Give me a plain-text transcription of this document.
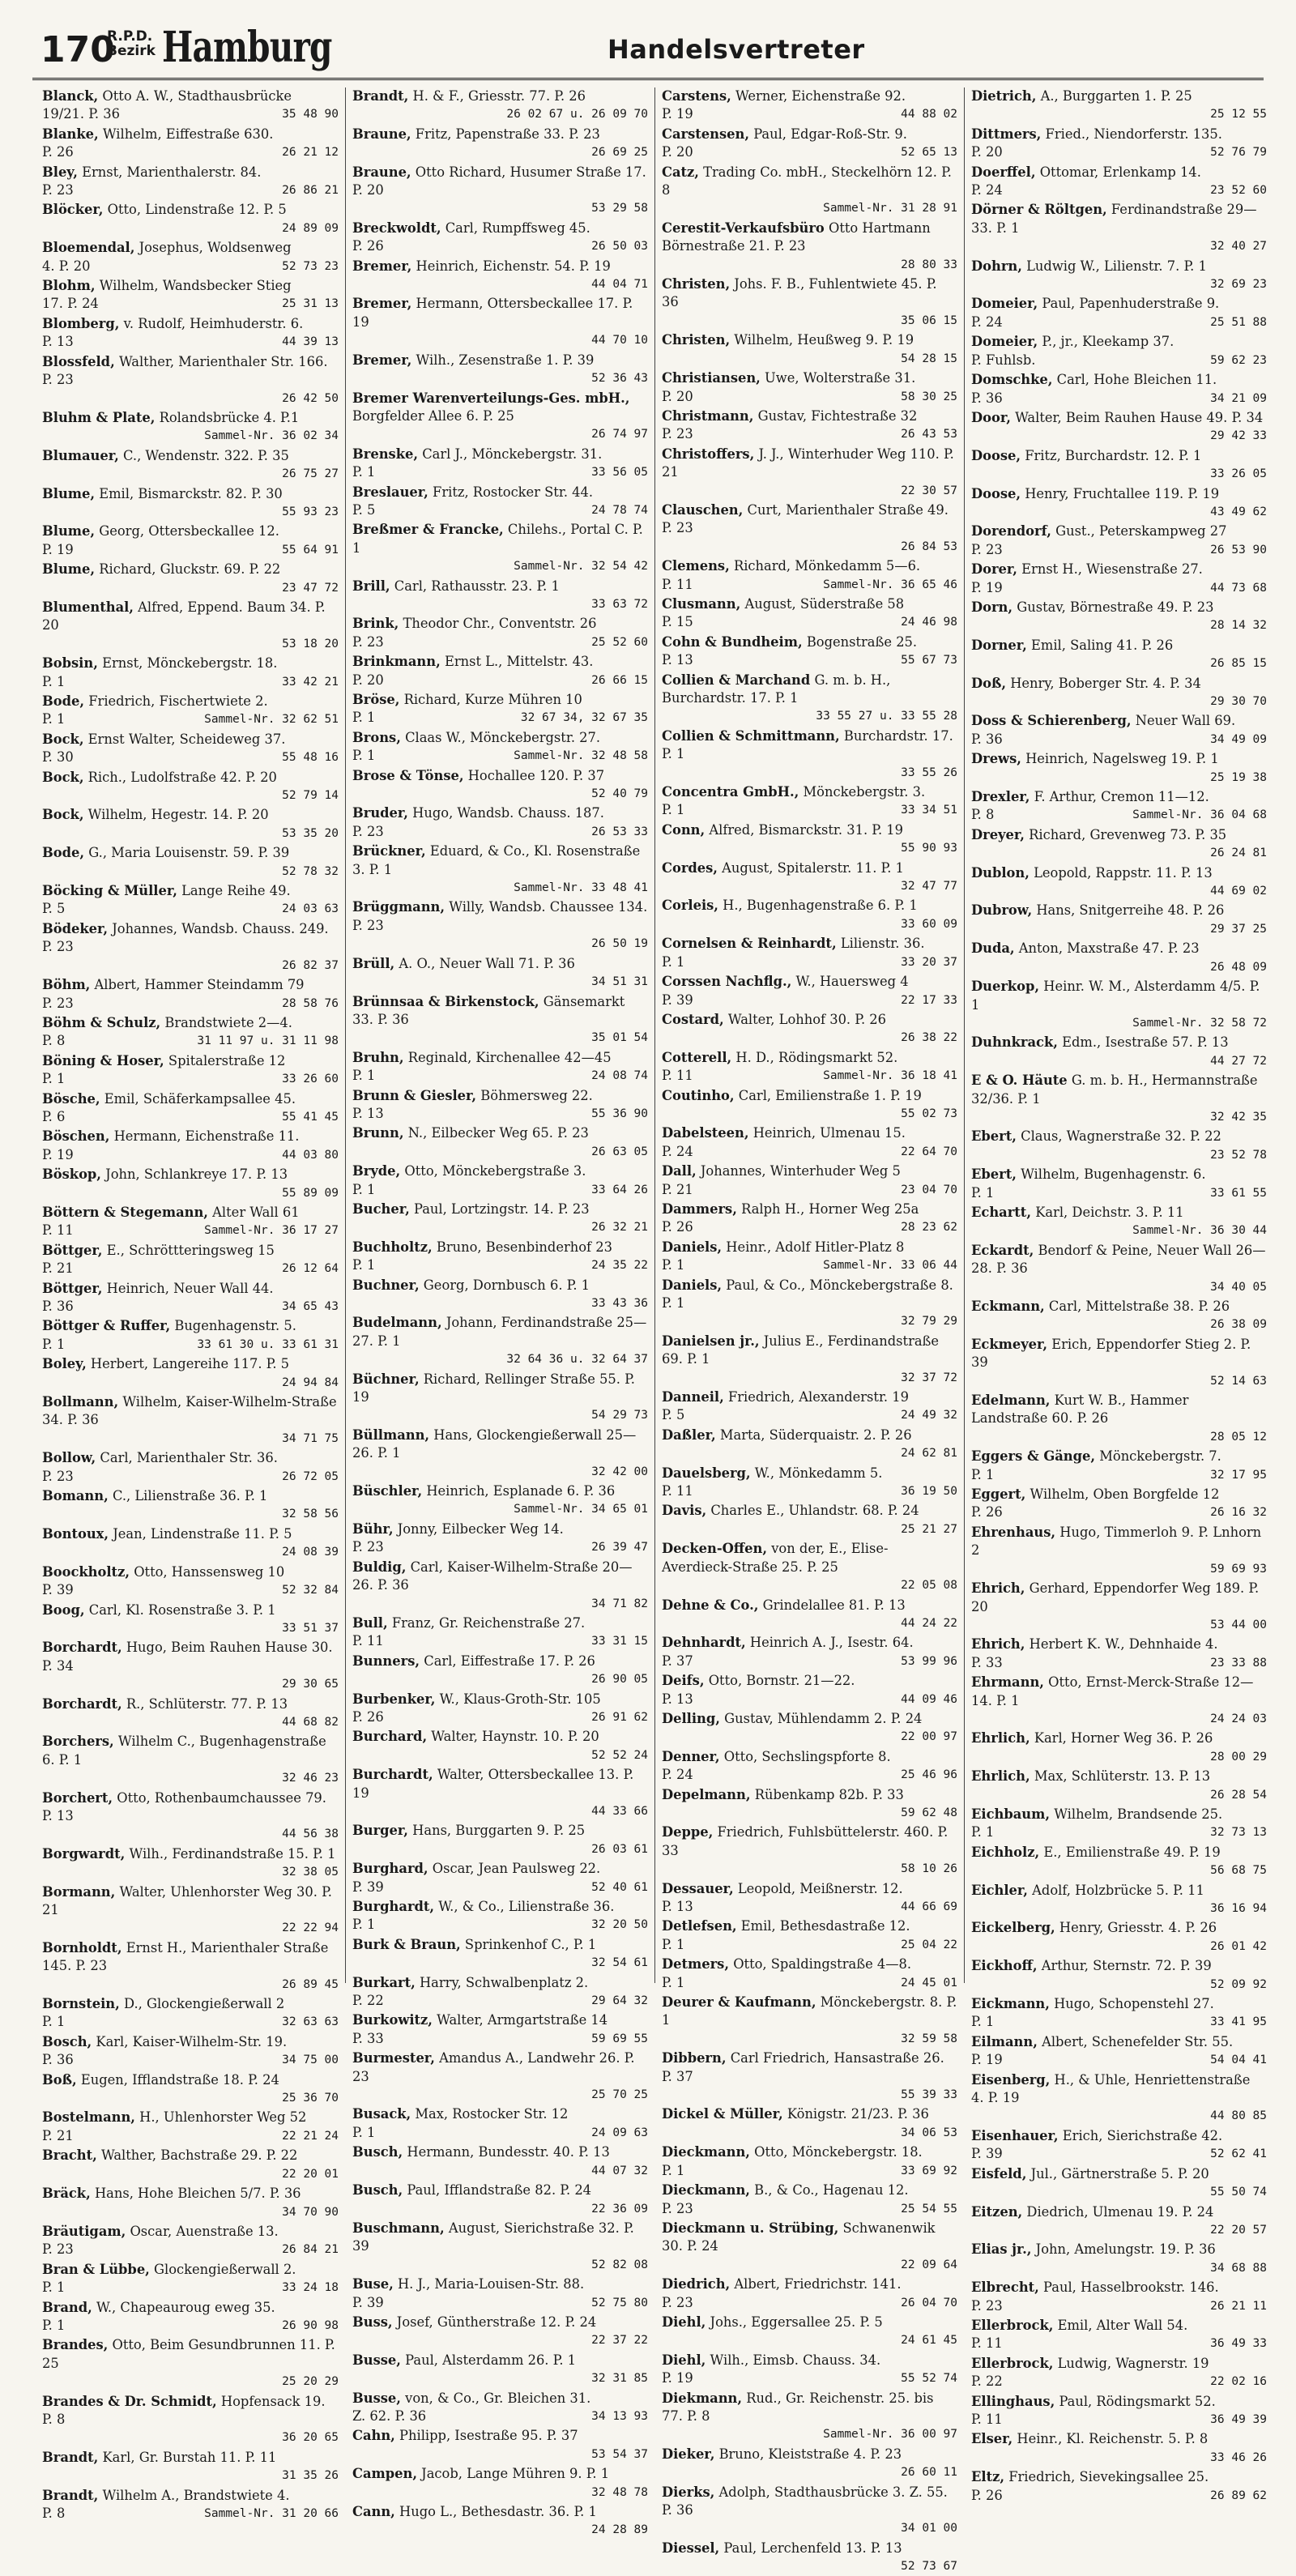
170
R.P.D.
Bezirk Hamburg	Handelsvertreter
Blanck, Otto A. W., Stadthausbrücke
19/21. P. 36	35 48 90
Blanke, Wilhelm, Eiffestraße 630.
P. 26	26 21 12
Bley, Ernst, Marienthalerstr. 84.
P. 23	26 86 21
Blöcker, Otto, Lindenstraße 12. P. 5
24 89 09
Bloemendal, Josephus, Woldsenweg
4. P. 20	52 73 23
Blohm, Wilhelm, Wandsbecker Stieg
17. P. 24	25 31 13
Blomberg, v. Rudolf, Heimhuderstr. 6.
P. 13	44 39 13
Blossfeld, Walther, Marienthaler Str. 166. P. 23
26 42 50
Bluhm & Plate, Rolandsbrücke 4. P.1
Sammel-Nr. 36 02 34
Blumauer, C., Wendenstr. 322. P. 35
26 75 27
Blume, Emil, Bismarckstr. 82. P. 30
55 93 23
Blume, Georg, Ottersbeckallee 12.
P. 19	55 64 91
Blume, Richard, Gluckstr. 69. P. 22
23 47 72
Blumenthal, Alfred, Eppend. Baum 34. P. 20
53 18 20
Bobsin, Ernst, Mönckebergstr. 18.
P. 1	33 42 21
Bode, Friedrich, Fischertwiete 2.
P. 1	Sammel-Nr. 32 62 51
Bock, Ernst Walter, Scheideweg 37.
P. 30	55 48 16
Bock, Rich., Ludolfstraße 42. P. 20
52 79 14
Bock, Wilhelm, Hegestr. 14. P. 20
53 35 20
Bode, G., Maria Louisenstr. 59. P. 39
52 78 32
Böcking & Müller, Lange Reihe 49.
P. 5	24 03 63
Bödeker, Johannes, Wandsb. Chauss. 249. P. 23
26 82 37
Böhm, Albert, Hammer Steindamm 79
P. 23	28 58 76
Böhm & Schulz, Brandstwiete 2—4.
P. 8	31 11 97 u. 31 11 98
Böning & Hoser, Spitalerstraße 12
P. 1	33 26 60
Bösche, Emil, Schäferkampsallee 45.
P. 6	55 41 45
Böschen, Hermann, Eichenstraße 11.
P. 19	44 03 80
Böskop, John, Schlankreye 17. P. 13
55 89 09
Böttern & Stegemann, Alter Wall 61
P. 11	Sammel-Nr. 36 17 27
Böttger, E., Schröttteringsweg 15
P. 21	26 12 64
Böttger, Heinrich, Neuer Wall 44.
P. 36	34 65 43
Böttger & Ruffer, Bugenhagenstr. 5.
P. 1	33 61 30 u. 33 61 31
Boley, Herbert, Langereihe 117. P. 5
24 94 84
Bollmann, Wilhelm, Kaiser-Wilhelm-Straße 34. P. 36
34 71 75
Bollow, Carl, Marienthaler Str. 36.
P. 23	26 72 05
Bomann, C., Lilienstraße 36. P. 1
32 58 56
Bontoux, Jean, Lindenstraße 11. P. 5
24 08 39
Boockholtz, Otto, Hanssensweg 10
P. 39	52 32 84
Boog, Carl, Kl. Rosenstraße 3. P. 1
33 51 37
Borchardt, Hugo, Beim Rauhen Hause 30. P. 34
29 30 65
Borchardt, R., Schlüterstr. 77. P. 13
44 68 82
Borchers, Wilhelm C., Bugenhagenstraße 6. P. 1
32 46 23
Borchert, Otto, Rothenbaumchaussee 79. P. 13
44 56 38
Borgwardt, Wilh., Ferdinandstraße 15. P. 1
32 38 05
Bormann, Walter, Uhlenhorster Weg 30. P. 21
22 22 94
Bornholdt, Ernst H., Marienthaler Straße 145. P. 23
26 89 45
Bornstein, D., Glockengießerwall 2
P. 1	32 63 63
Bosch, Karl, Kaiser-Wilhelm-Str. 19.
P. 36	34 75 00
Boß, Eugen, Ifflandstraße 18. P. 24
25 36 70
Bostelmann, H., Uhlenhorster Weg 52
P. 21	22 21 24
Bracht, Walther, Bachstraße 29. P. 22
22 20 01
Bräck, Hans, Hohe Bleichen 5/7. P. 36
34 70 90
Bräutigam, Oscar, Auenstraße 13.
P. 23	26 84 21
Bran & Lübbe, Glockengießerwall 2.
P. 1	33 24 18
Brand, W., Chapeauroug eweg 35.
P. 1	26 90 98
Brandes, Otto, Beim Gesundbrunnen 11. P. 25
25 20 29
Brandes & Dr. Schmidt, Hopfensack 19. P. 8
36 20 65
Brandt, Karl, Gr. Burstah 11. P. 11
31 35 26
Brandt, Wilhelm A., Brandstwiete 4.
P. 8	Sammel-Nr. 31 20 66
Brandt, H. & F., Griesstr. 77. P. 26
26 02 67 u. 26 09 70
Braune, Fritz, Papenstraße 33. P. 23
26 69 25
Braune, Otto Richard, Husumer Straße 17. P. 20
53 29 58
Breckwoldt, Carl, Rumpffsweg 45.
P. 26	26 50 03
Bremer, Heinrich, Eichenstr. 54. P. 19
44 04 71
Bremer, Hermann, Ottersbeckallee 17. P. 19
44 70 10
Bremer, Wilh., Zesenstraße 1. P. 39
52 36 43
Bremer Warenverteilungs-Ges. mbH., Borgfelder Allee 6. P. 25
26 74 97
Brenske, Carl J., Mönckebergstr. 31.
P. 1	33 56 05
Breslauer, Fritz, Rostocker Str. 44.
P. 5	24 78 74
Breßmer & Francke, Chilehs., Portal C. P. 1
Sammel-Nr. 32 54 42
Brill, Carl, Rathausstr. 23. P. 1
33 63 72
Brink, Theodor Chr., Conventstr. 26
P. 23	25 52 60
Brinkmann, Ernst L., Mittelstr. 43.
P. 20	26 66 15
Bröse, Richard, Kurze Mühren 10
P. 1	32 67 34, 32 67 35
Brons, Claas W., Mönckebergstr. 27.
P. 1	Sammel-Nr. 32 48 58
Brose & Tönse, Hochallee 120. P. 37
52 40 79
Bruder, Hugo, Wandsb. Chauss. 187.
P. 23	26 53 33
Brückner, Eduard, & Co., Kl. Rosenstraße 3. P. 1
Sammel-Nr. 33 48 41
Brüggmann, Willy, Wandsb. Chaussee 134. P. 23
26 50 19
Brüll, A. O., Neuer Wall 71. P. 36
34 51 31
Brünnsaa & Birkenstock, Gänsemarkt 33. P. 36
35 01 54
Bruhn, Reginald, Kirchenallee 42—45
P. 1	24 08 74
Brunn & Giesler, Böhmersweg 22.
P. 13	55 36 90
Brunn, N., Eilbecker Weg 65. P. 23
26 63 05
Bryde, Otto, Mönckebergstraße 3.
P. 1	33 64 26
Bucher, Paul, Lortzingstr. 14. P. 23
26 32 21
Buchholtz, Bruno, Besenbinderhof 23
P. 1	24 35 22
Buchner, Georg, Dornbusch 6. P. 1
33 43 36
Budelmann, Johann, Ferdinandstraße 25—27. P. 1
32 64 36 u. 32 64 37
Büchner, Richard, Rellinger Straße 55. P. 19
54 29 73
Büllmann, Hans, Glockengießerwall 25—26. P. 1
32 42 00
Büschler, Heinrich, Esplanade 6. P. 36
Sammel-Nr. 34 65 01
Bühr, Jonny, Eilbecker Weg 14.
P. 23	26 39 47
Buldig, Carl, Kaiser-Wilhelm-Straße 20—26. P. 36
34 71 82
Bull, Franz, Gr. Reichenstraße 27.
P. 11	33 31 15
Bunners, Carl, Eiffestraße 17. P. 26
26 90 05
Burbenker, W., Klaus-Groth-Str. 105
P. 26	26 91 62
Burchard, Walter, Haynstr. 10. P. 20
52 52 24
Burchardt, Walter, Ottersbeckallee 13. P. 19
44 33 66
Burger, Hans, Burggarten 9. P. 25
26 03 61
Burghard, Oscar, Jean Paulsweg 22.
P. 39	52 40 61
Burghardt, W., & Co., Lilienstraße 36.
P. 1	32 20 50
Burk & Braun, Sprinkenhof C., P. 1
32 54 61
Burkart, Harry, Schwalbenplatz 2.
P. 22	29 64 32
Burkowitz, Walter, Armgartstraße 14
P. 33	59 69 55
Burmester, Amandus A., Landwehr 26. P. 23
25 70 25
Busack, Max, Rostocker Str. 12
P. 1	24 09 63
Busch, Hermann, Bundesstr. 40. P. 13
44 07 32
Busch, Paul, Ifflandstraße 82. P. 24
22 36 09
Buschmann, August, Sierichstraße 32. P. 39
52 82 08
Buse, H. J., Maria-Louisen-Str. 88.
P. 39	52 75 80
Buss, Josef, Güntherstraße 12. P. 24
22 37 22
Busse, Paul, Alsterdamm 26. P. 1
32 31 85
Busse, von, & Co., Gr. Bleichen 31.
Z. 62. P. 36	34 13 93
Cahn, Philipp, Isestraße 95. P. 37
53 54 37
Campen, Jacob, Lange Mühren 9. P. 1
32 48 78
Cann, Hugo L., Bethesdastr. 36. P. 1
24 28 89
Carstens, Werner, Eichenstraße 92.
P. 19	44 88 02
Carstensen, Paul, Edgar-Roß-Str. 9.
P. 20	52 65 13
Catz, Trading Co. mbH., Steckelhörn 12. P. 8
Sammel-Nr. 31 28 91
Cerestit-Verkaufsbüro Otto Hartmann Börnestraße 21. P. 23
28 80 33
Christen, Johs. F. B., Fuhlentwiete 45. P. 36
35 06 15
Christen, Wilhelm, Heußweg 9. P. 19
54 28 15
Christiansen, Uwe, Wolterstraße 31.
P. 20	58 30 25
Christmann, Gustav, Fichtestraße 32
P. 23	26 43 53
Christoffers, J. J., Winterhuder Weg 110. P. 21
22 30 57
Clauschen, Curt, Marienthaler Straße 49. P. 23
26 84 53
Clemens, Richard, Mönkedamm 5—6.
P. 11	Sammel-Nr. 36 65 46
Clusmann, August, Süderstraße 58
P. 15	24 46 98
Cohn & Bundheim, Bogenstraße 25.
P. 13	55 67 73
Collien & Marchand G. m. b. H., Burchardstr. 17. P. 1
33 55 27 u. 33 55 28
Collien & Schmittmann, Burchardstr. 17. P. 1
33 55 26
Concentra GmbH., Mönckebergstr. 3.
P. 1	33 34 51
Conn, Alfred, Bismarckstr. 31. P. 19
55 90 93
Cordes, August, Spitalerstr. 11. P. 1
32 47 77
Corleis, H., Bugenhagenstraße 6. P. 1
33 60 09
Cornelsen & Reinhardt, Lilienstr. 36.
P. 1	33 20 37
Corssen Nachflg., W., Hauersweg 4
P. 39	22 17 33
Costard, Walter, Lohhof 30. P. 26
26 38 22
Cotterell, H. D., Rödingsmarkt 52.
P. 11	Sammel-Nr. 36 18 41
Coutinho, Carl, Emilienstraße 1. P. 19
55 02 73
Dabelsteen, Heinrich, Ulmenau 15.
P. 24	22 64 70
Dall, Johannes, Winterhuder Weg 5
P. 21	23 04 70
Dammers, Ralph H., Horner Weg 25a
P. 26	28 23 62
Daniels, Heinr., Adolf Hitler-Platz 8
P. 1	Sammel-Nr. 33 06 44
Daniels, Paul, & Co., Mönckebergstraße 8. P. 1
32 79 29
Danielsen jr., Julius E., Ferdinandstraße 69. P. 1
32 37 72
Danneil, Friedrich, Alexanderstr. 19
P. 5	24 49 32
Daßler, Marta, Süderquaistr. 2. P. 26
24 62 81
Dauelsberg, W., Mönkedamm 5.
P. 11	36 19 50
Davis, Charles E., Uhlandstr. 68. P. 24
25 21 27
Decken-Offen, von der, E., Elise-Averdieck-Straße 25. P. 25
22 05 08
Dehne & Co., Grindelallee 81. P. 13
44 24 22
Dehnhardt, Heinrich A. J., Isestr. 64.
P. 37	53 99 96
Deifs, Otto, Bornstr. 21—22.
P. 13	44 09 46
Delling, Gustav, Mühlendamm 2. P. 24
22 00 97
Denner, Otto, Sechslingspforte 8.
P. 24	25 46 96
Depelmann, Rübenkamp 82b. P. 33
59 62 48
Deppe, Friedrich, Fuhlsbüttelerstr. 460. P. 33
58 10 26
Dessauer, Leopold, Meißnerstr. 12.
P. 13	44 66 69
Detlefsen, Emil, Bethesdastraße 12.
P. 1	25 04 22
Detmers, Otto, Spaldingstraße 4—8.
P. 1	24 45 01
Deurer & Kaufmann, Mönckebergstr. 8. P. 1
32 59 58
Dibbern, Carl Friedrich, Hansastraße 26. P. 37
55 39 33
Dickel & Müller, Königstr. 21/23. P. 36
34 06 53
Dieckmann, Otto, Mönckebergstr. 18.
P. 1	33 69 92
Dieckmann, B., & Co., Hagenau 12.
P. 23	25 54 55
Dieckmann u. Strübing, Schwanenwik 30. P. 24
22 09 64
Diedrich, Albert, Friedrichstr. 141.
P. 23	26 04 70
Diehl, Johs., Eggersallee 25. P. 5
24 61 45
Diehl, Wilh., Eimsb. Chauss. 34.
P. 19	55 52 74
Diekmann, Rud., Gr. Reichenstr. 25. bis 77. P. 8
Sammel-Nr. 36 00 97
Dieker, Bruno, Kleiststraße 4. P. 23
26 60 11
Dierks, Adolph, Stadthausbrücke 3. Z. 55. P. 36
34 01 00
Diessel, Paul, Lerchenfeld 13. P. 13
52 73 67
Dietrich, A., Burggarten 1. P. 25
25 12 55
Dittmers, Fried., Niendorferstr. 135.
P. 20	52 76 79
Doerffel, Ottomar, Erlenkamp 14.
P. 24	23 52 60
Dörner & Röltgen, Ferdinandstraße 29—33. P. 1
32 40 27
Dohrn, Ludwig W., Lilienstr. 7. P. 1
32 69 23
Domeier, Paul, Papenhuderstraße 9.
P. 24	25 51 88
Domeier, P., jr., Kleekamp 37.
P. Fuhlsb.	59 62 23
Domschke, Carl, Hohe Bleichen 11.
P. 36	34 21 09
Door, Walter, Beim Rauhen Hause 49. P. 34
29 42 33
Doose, Fritz, Burchardstr. 12. P. 1
33 26 05
Doose, Henry, Fruchtallee 119. P. 19
43 49 62
Dorendorf, Gust., Peterskampweg 27
P. 23	26 53 90
Dorer, Ernst H., Wiesenstraße 27.
P. 19	44 73 68
Dorn, Gustav, Börnestraße 49. P. 23
28 14 32
Dorner, Emil, Saling 41. P. 26
26 85 15
Doß, Henry, Boberger Str. 4. P. 34
29 30 70
Doss & Schierenberg, Neuer Wall 69.
P. 36	34 49 09
Drews, Heinrich, Nagelsweg 19. P. 1
25 19 38
Drexler, F. Arthur, Cremon 11—12.
P. 8	Sammel-Nr. 36 04 68
Dreyer, Richard, Grevenweg 73. P. 35
26 24 81
Dublon, Leopold, Rappstr. 11. P. 13
44 69 02
Dubrow, Hans, Snitgerreihe 48. P. 26
29 37 25
Duda, Anton, Maxstraße 47. P. 23
26 48 09
Duerkop, Heinr. W. M., Alsterdamm 4/5. P. 1
Sammel-Nr. 32 58 72
Duhnkrack, Edm., Isestraße 57. P. 13
44 27 72
E & O. Häute G. m. b. H., Hermannstraße 32/36. P. 1
32 42 35
Ebert, Claus, Wagnerstraße 32. P. 22
23 52 78
Ebert, Wilhelm, Bugenhagenstr. 6.
P. 1	33 61 55
Echartt, Karl, Deichstr. 3. P. 11
Sammel-Nr. 36 30 44
Eckardt, Bendorf & Peine, Neuer Wall 26—28. P. 36
34 40 05
Eckmann, Carl, Mittelstraße 38. P. 26
26 38 09
Eckmeyer, Erich, Eppendorfer Stieg 2. P. 39
52 14 63
Edelmann, Kurt W. B., Hammer Landstraße 60. P. 26
28 05 12
Eggers & Gänge, Mönckebergstr. 7.
P. 1	32 17 95
Eggert, Wilhelm, Oben Borgfelde 12
P. 26	26 16 32
Ehrenhaus, Hugo, Timmerloh 9. P. Lnhorn 2
59 69 93
Ehrich, Gerhard, Eppendorfer Weg 189. P. 20
53 44 00
Ehrich, Herbert K. W., Dehnhaide 4.
P. 33	23 33 88
Ehrmann, Otto, Ernst-Merck-Straße 12—14. P. 1
24 24 03
Ehrlich, Karl, Horner Weg 36. P. 26
28 00 29
Ehrlich, Max, Schlüterstr. 13. P. 13
26 28 54
Eichbaum, Wilhelm, Brandsende 25.
P. 1	32 73 13
Eichholz, E., Emilienstraße 49. P. 19
56 68 75
Eichler, Adolf, Holzbrücke 5. P. 11
36 16 94
Eickelberg, Henry, Griesstr. 4. P. 26
26 01 42
Eickhoff, Arthur, Sternstr. 72. P. 39
52 09 92
Eickmann, Hugo, Schopenstehl 27.
P. 1	33 41 95
Eilmann, Albert, Schenefelder Str. 55.
P. 19	54 04 41
Eisenberg, H., & Uhle, Henriettenstraße 4. P. 19
44 80 85
Eisenhauer, Erich, Sierichstraße 42.
P. 39	52 62 41
Eisfeld, Jul., Gärtnerstraße 5. P. 20
55 50 74
Eitzen, Diedrich, Ulmenau 19. P. 24
22 20 57
Elias jr., John, Amelungstr. 19. P. 36
34 68 88
Elbrecht, Paul, Hasselbrookstr. 146.
P. 23	26 21 11
Ellerbrock, Emil, Alter Wall 54.
P. 11	36 49 33
Ellerbrock, Ludwig, Wagnerstr. 19
P. 22	22 02 16
Ellinghaus, Paul, Rödingsmarkt 52.
P. 11	36 49 39
Elser, Heinr., Kl. Reichenstr. 5. P. 8
33 46 26
Eltz, Friedrich, Sievekingsallee 25.
P. 26	26 89 62
